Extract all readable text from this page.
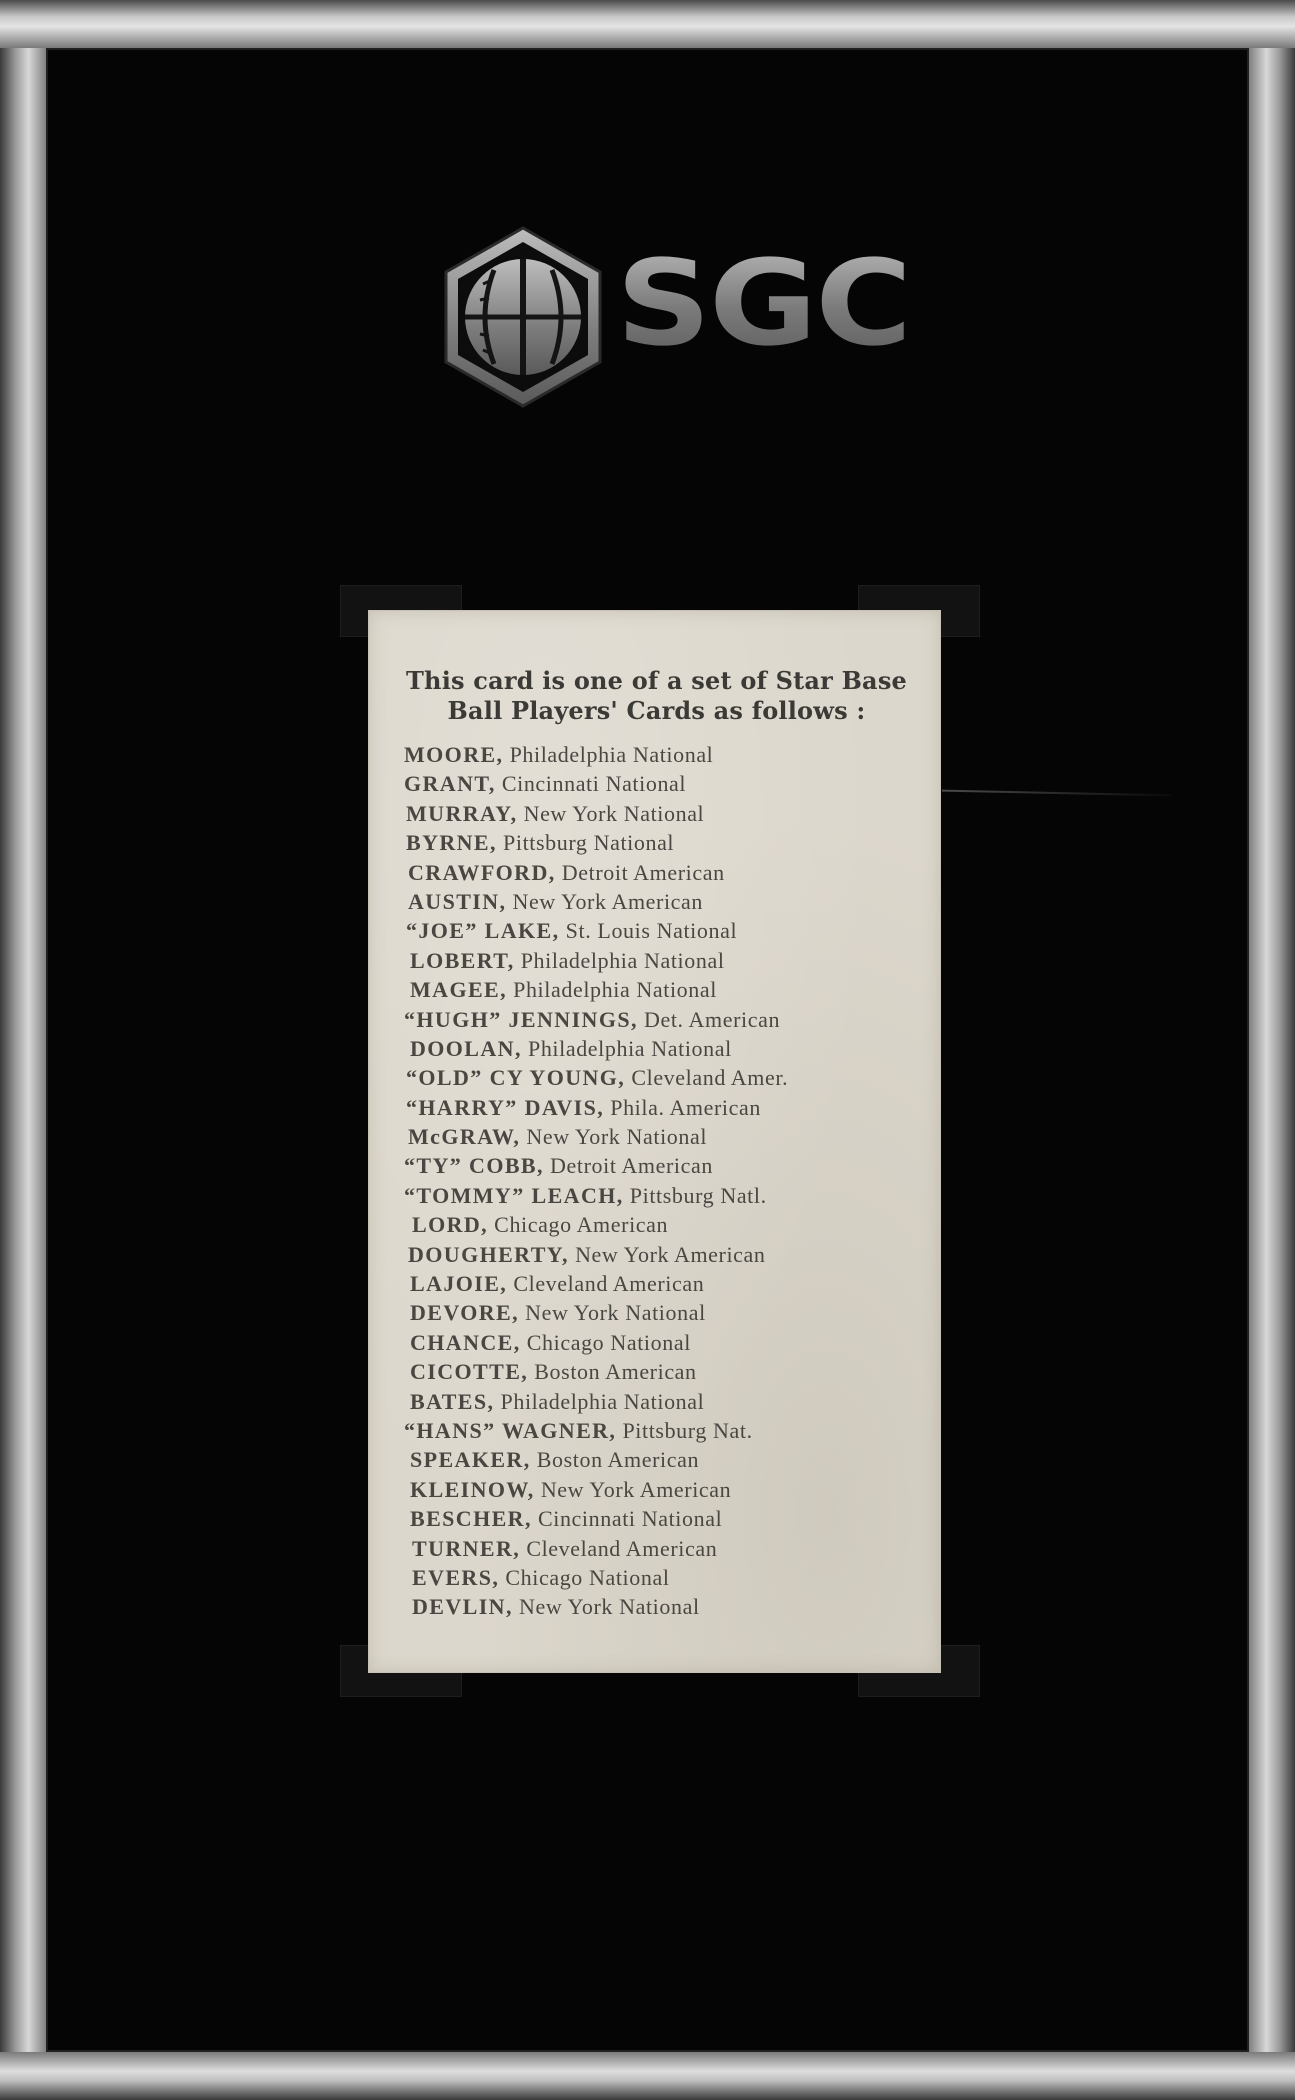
SGC
This card is one of a set of Star Base
Ball Players' Cards as follows :
MOORE, Philadelphia National
GRANT, Cincinnati National
MURRAY, New York National
BYRNE, Pittsburg National
CRAWFORD, Detroit American
AUSTIN, New York American
“JOE” LAKE, St. Louis National
LOBERT, Philadelphia National
MAGEE, Philadelphia National
“HUGH” JENNINGS, Det. American
DOOLAN, Philadelphia National
“OLD” CY YOUNG, Cleveland Amer.
“HARRY” DAVIS, Phila. American
McGRAW, New York National
“TY” COBB, Detroit American
“TOMMY” LEACH, Pittsburg Natl.
LORD, Chicago American
DOUGHERTY, New York American
LAJOIE, Cleveland American
DEVORE, New York National
CHANCE, Chicago National
CICOTTE, Boston American
BATES, Philadelphia National
“HANS” WAGNER, Pittsburg Nat.
SPEAKER, Boston American
KLEINOW, New York American
BESCHER, Cincinnati National
TURNER, Cleveland American
EVERS, Chicago National
DEVLIN, New York National
